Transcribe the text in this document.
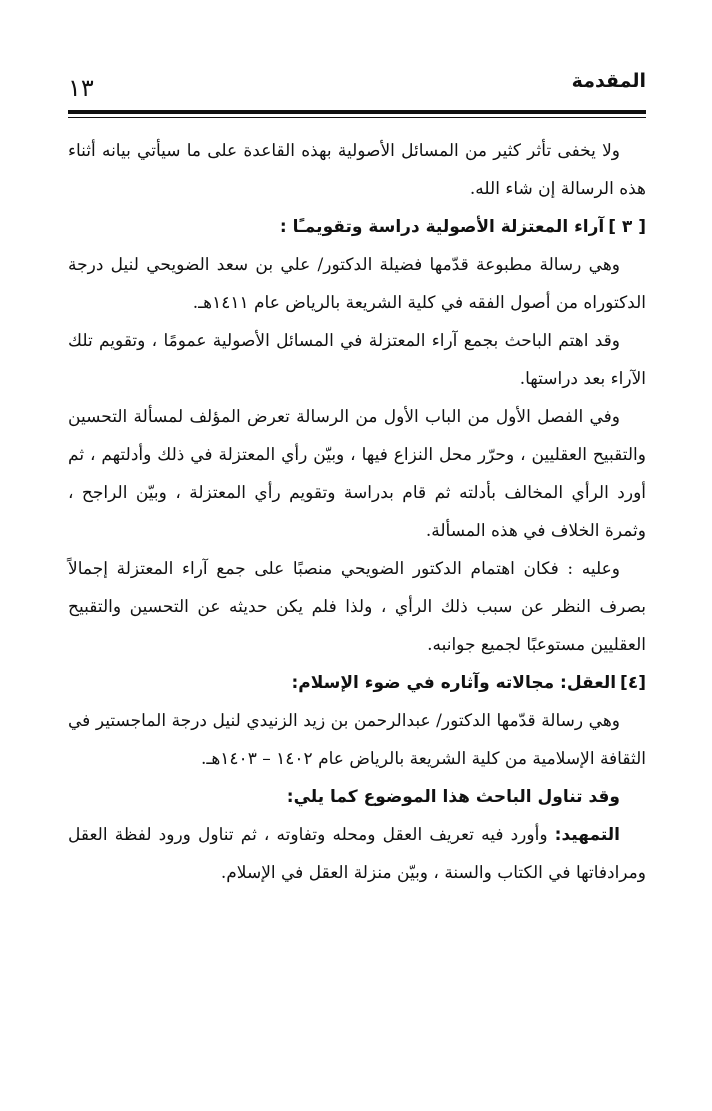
١٣	المقدمة

ولا يخفى تأثر كثير من المسائل الأصولية بهذه القاعدة على ما سيأتي بيانه أثناء هذه الرسالة إن شاء الله.

[ ٣ ]آراء المعتزلة الأصولية دراسة وتقويمـًا :

وهي رسالة مطبوعة قدّمها فضيلة الدكتور/ علي بن سعد الضويحي لنيل درجة الدكتوراه من أصول الفقه في كلية الشريعة بالرياض عام ١٤١١هـ.

وقد اهتم الباحث بجمع آراء المعتزلة في المسائل الأصولية عمومًا ، وتقويم تلك الآراء بعد دراستها.

وفي الفصل الأول من الباب الأول من الرسالة تعرض المؤلف لمسألة التحسين والتقبيح العقليين ، وحرّر محل النزاع فيها ، وبيّن رأي المعتزلة في ذلك وأدلتهم ، ثم أورد الرأي المخالف بأدلته ثم قام بدراسة وتقويم رأي المعتزلة ، وبيّن الراجح ، وثمرة الخلاف في هذه المسألة.

وعليه : فكان اهتمام الدكتور الضويحي منصبًا على جمع آراء المعتزلة إجمالاً بصرف النظر عن سبب ذلك الرأي ، ولذا فلم يكن حديثه عن التحسين والتقبيح العقليين مستوعبًا لجميع جوانبه.

[٤]العقل: مجالاته وآثاره في ضوء الإسلام:

وهي رسالة قدّمها الدكتور/ عبدالرحمن بن زيد الزنيدي لنيل درجة الماجستير في الثقافة الإسلامية من كلية الشريعة بالرياض عام ١٤٠٢ – ١٤٠٣هـ.

وقد تناول الباحث هذا الموضوع كما يلي:

التمهيد: وأورد فيه تعريف العقل ومحله وتفاوته ، ثم تناول ورود لفظة العقل ومرادفاتها في الكتاب والسنة ، وبيّن منزلة العقل في الإسلام.
